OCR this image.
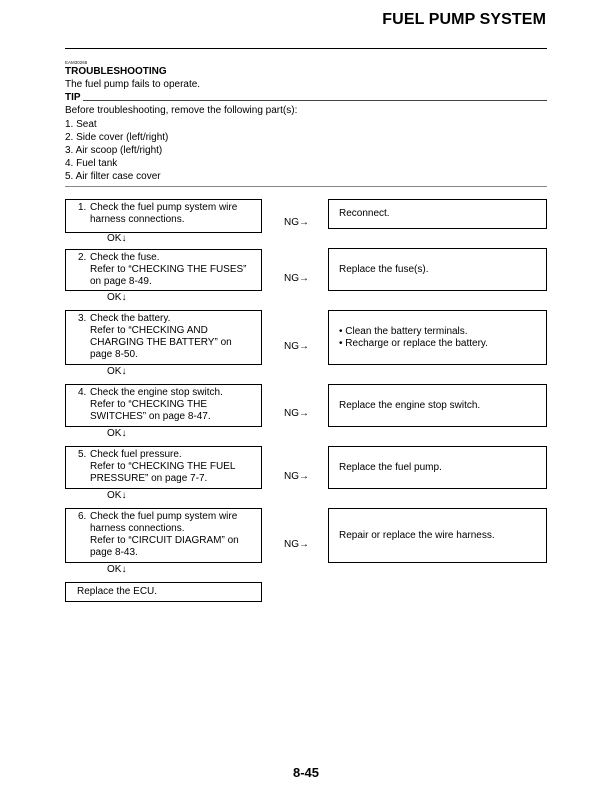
FUEL PUMP SYSTEM
EAM30268
TROUBLESHOOTING
The fuel pump fails to operate.
TIP
Before troubleshooting, remove the following part(s):
1. Seat
2. Side cover (left/right)
3. Air scoop (left/right)
4. Fuel tank
5. Air filter case cover
1. Check the fuel pump system wire
harness connections.	NG→
Reconnect.
OK↓
2. Check the fuse.
Refer to “CHECKING THE FUSES”
on page 8-49.	NG→
Replace the fuse(s).
OK↓
3. Check the battery.
Refer to “CHECKING AND
CHARGING THE BATTERY” on
page 8-50.
NG→
• Clean the battery terminals.
• Recharge or replace the battery.
OK↓
4. Check the engine stop switch.
Refer to “CHECKING THE
SWITCHES” on page 8-47.	NG→
Replace the engine stop switch.
OK↓
5. Check fuel pressure.
Refer to “CHECKING THE FUEL
PRESSURE” on page 7-7.	NG→
Replace the fuel pump.
OK↓
6. Check the fuel pump system wire
harness connections.
Refer to “CIRCUIT DIAGRAM” on
page 8-43.
NG→
Repair or replace the wire harness.
OK↓
Replace the ECU.
8-45
